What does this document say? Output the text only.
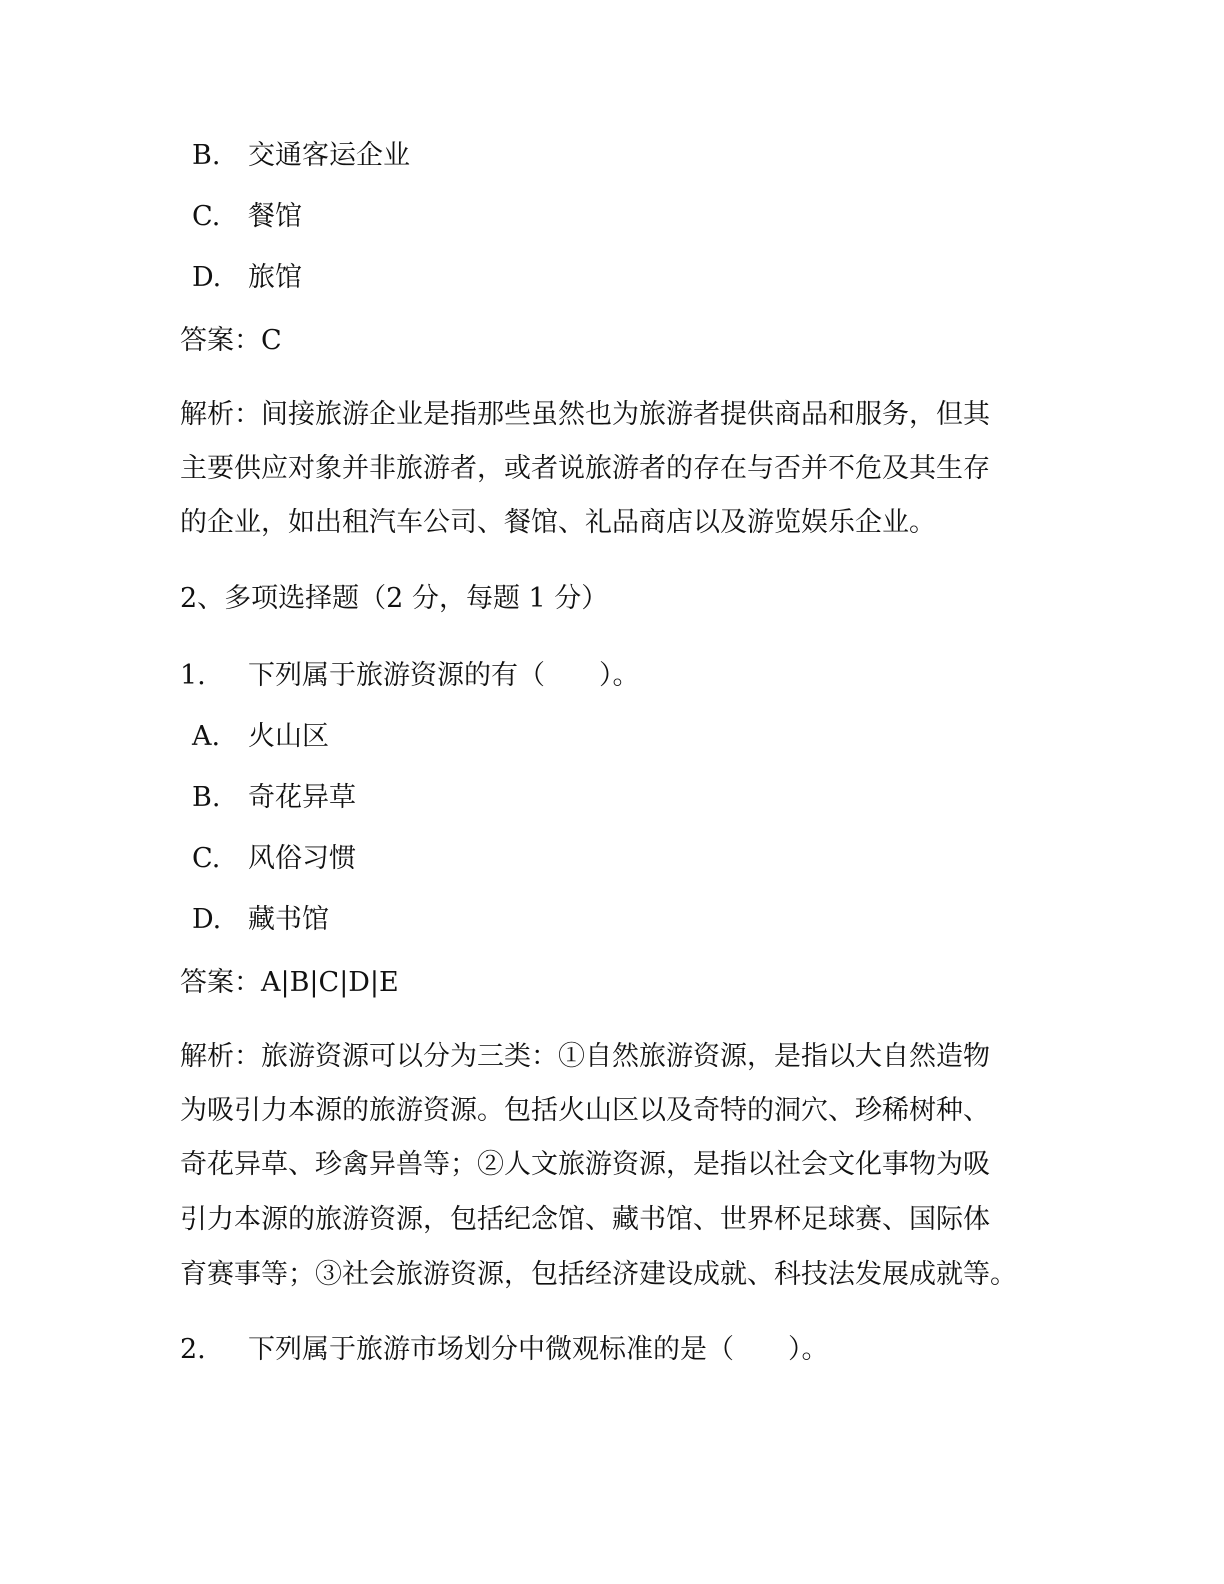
B. 交通客运企业
C. 餐馆
D. 旅馆
答案：C
解析：间接旅游企业是指那些虽然也为旅游者提供商品和服务，但其
主要供应对象并非旅游者，或者说旅游者的存在与否并不危及其生存
的企业，如出租汽车公司、餐馆、礼品商店以及游览娱乐企业。
2、多项选择题（2 分，每题 1 分）
1. 下列属于旅游资源的有（　　）。
A. 火山区
B. 奇花异草
C. 风俗习惯
D. 藏书馆
答案：A|B|C|D|E
解析：旅游资源可以分为三类：①自然旅游资源，是指以大自然造物
为吸引力本源的旅游资源。包括火山区以及奇特的洞穴、珍稀树种、
奇花异草、珍禽异兽等；②人文旅游资源，是指以社会文化事物为吸
引力本源的旅游资源，包括纪念馆、藏书馆、世界杯足球赛、国际体
育赛事等；③社会旅游资源，包括经济建设成就、科技法发展成就等。
2. 下列属于旅游市场划分中微观标准的是（　　）。
